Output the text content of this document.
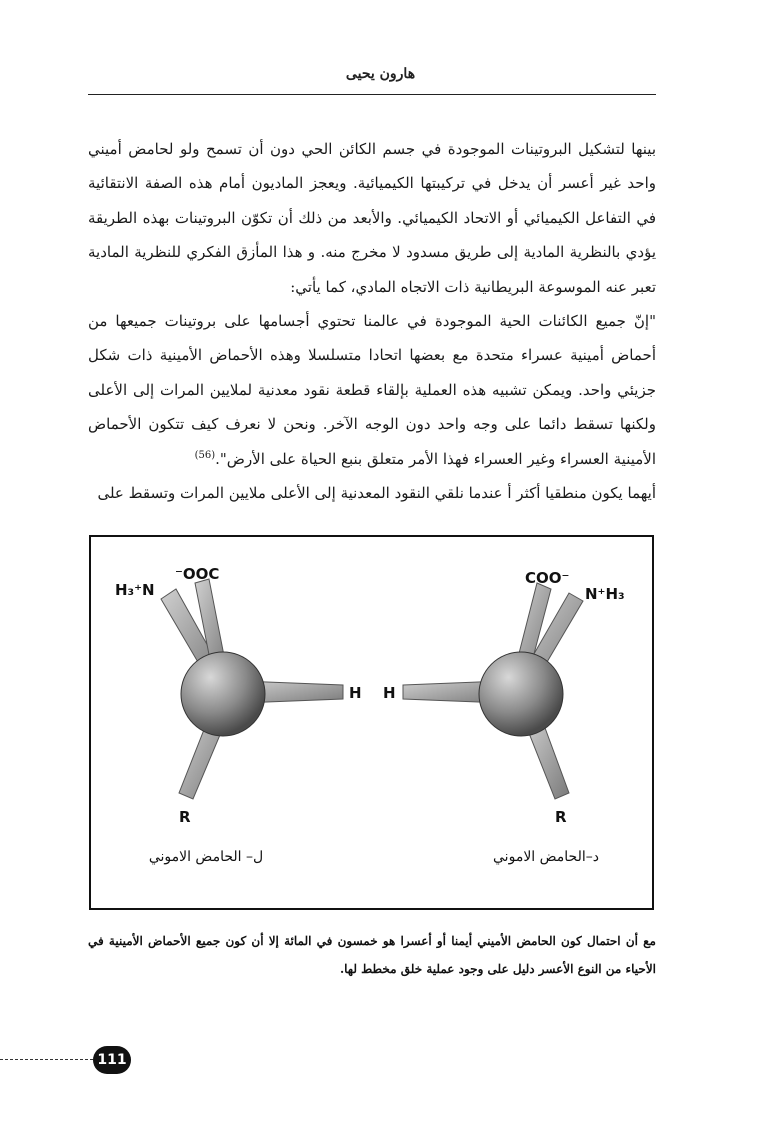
هارون يحيى

بينها لتشكيل البروتينات الموجودة في جسم الكائن الحي دون أن تسمح ولو لحامض أميني واحد غير أعسر أن يدخل في تركيبتها الكيميائية. ويعجز الماديون أمام هذه الصفة الانتقائية في التفاعل الكيميائي أو الاتحاد الكيميائي. والأبعد من ذلك أن تكوّن البروتينات بهذه الطريقة يؤدي بالنظرية المادية إلى طريق مسدود لا مخرج منه. و هذا المأزق الفكري للنظرية المادية تعبر عنه الموسوعة البريطانية ذات الاتجاه المادي، كما يأتي:

"إنّ جميع الكائنات الحية الموجودة في عالمنا تحتوي أجسامها على بروتينات جميعها من أحماض أمينية عسراء متحدة مع بعضها اتحادا متسلسلا وهذه الأحماض الأمينية ذات شكل جزيئي واحد. ويمكن تشبيه هذه العملية بإلقاء قطعة نقود معدنية لملايين المرات إلى الأعلى ولكنها تسقط دائما على وجه واحد دون الوجه الآخر. ونحن لا نعرف كيف تتكون الأحماض الأمينية العسراء وغير العسراء فهذا الأمر متعلق بنبع الحياة على الأرض".$^{(56)}$

أيهما يكون منطقيا أكثر أ عندما نلقي النقود المعدنية إلى الأعلى ملايين المرات وتسقط على

H₃⁺N
⁻OOC
H
R
COO⁻
N⁺H₃
H
R
ل– الحامض الاموني	د–الحامض الاموني
مع أن احتمال كون الحامض الأميني أيمنا أو أعسرا هو خمسون في المائة إلا أن كون جميع الأحماض الأمينية في الأحياء من النوع الأعسر دليل على وجود عملية خلق مخطط لها.
111
